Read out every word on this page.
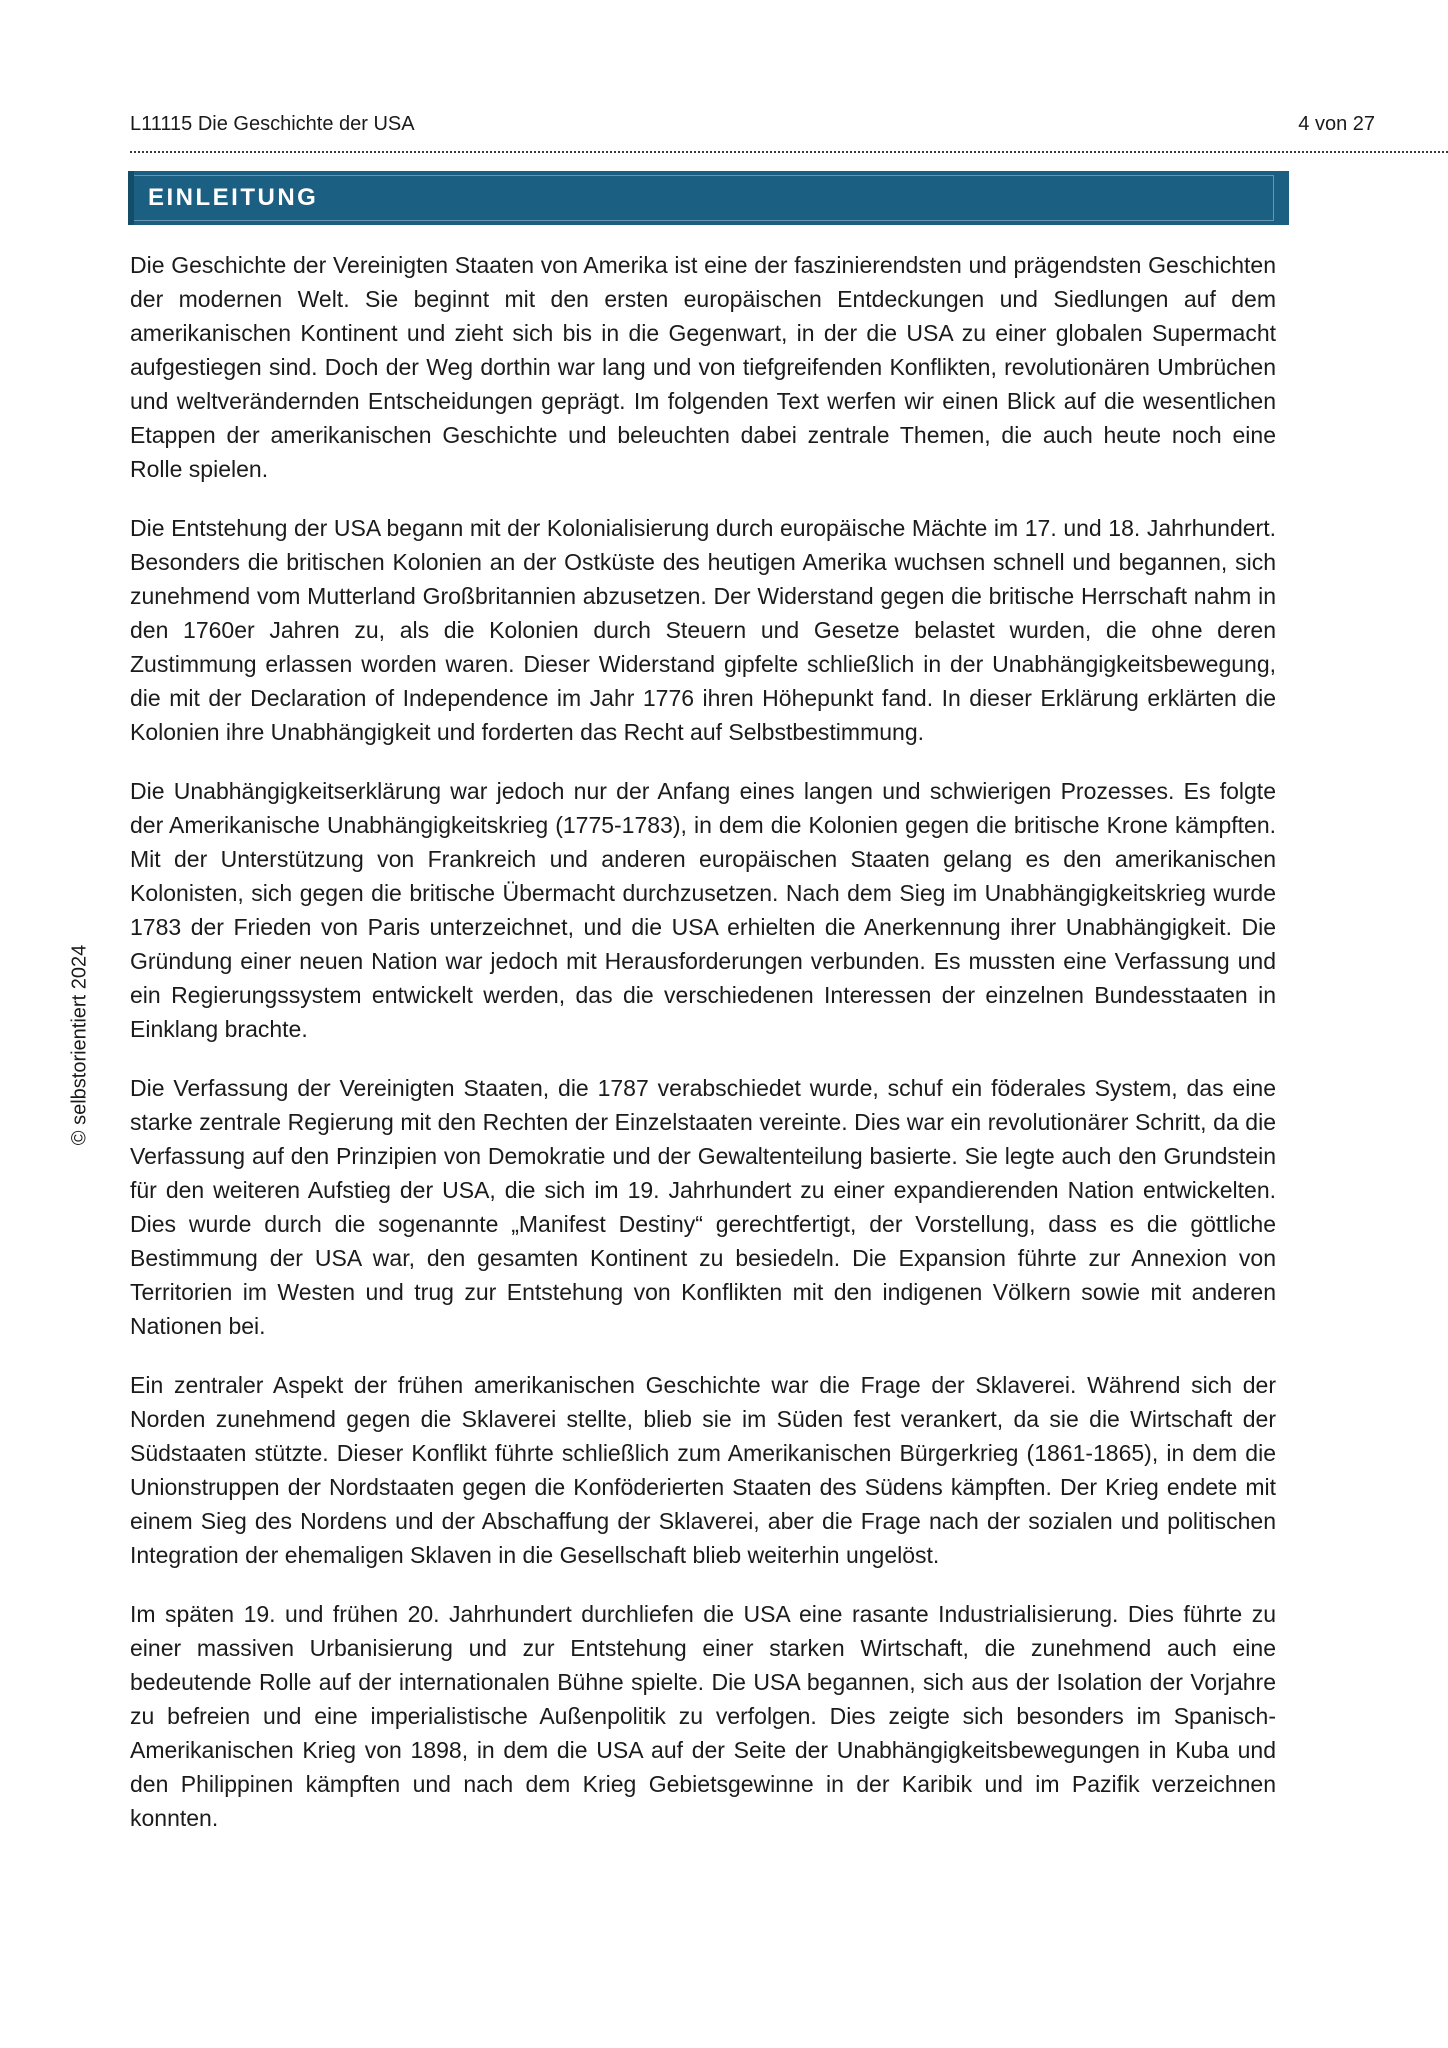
L11115 Die Geschichte der USA	4 von 27
EINLEITUNG
© selbstorientiert 2024

Die Geschichte der Vereinigten Staaten von Amerika ist eine der faszinierendsten und prägendsten Geschichten der modernen Welt. Sie beginnt mit den ersten europäischen Entdeckungen und Siedlungen auf dem amerikanischen Kontinent und zieht sich bis in die Gegenwart, in der die USA zu einer globalen Supermacht aufgestiegen sind. Doch der Weg dorthin war lang und von tiefgreifenden Konflikten, revolutionären Umbrüchen und weltverändernden Entscheidungen geprägt. Im folgenden Text werfen wir einen Blick auf die wesentlichen Etappen der amerikanischen Geschichte und beleuchten dabei zentrale Themen, die auch heute noch eine Rolle spielen.

Die Entstehung der USA begann mit der Kolonialisierung durch europäische Mächte im 17. und 18. Jahrhundert. Besonders die britischen Kolonien an der Ostküste des heutigen Amerika wuchsen schnell und begannen, sich zunehmend vom Mutterland Großbritannien abzusetzen. Der Widerstand gegen die britische Herrschaft nahm in den 1760er Jahren zu, als die Kolonien durch Steuern und Gesetze belastet wurden, die ohne deren Zustimmung erlassen worden waren. Dieser Widerstand gipfelte schließlich in der Unabhängigkeitsbewegung, die mit der Declaration of Independence im Jahr 1776 ihren Höhepunkt fand. In dieser Erklärung erklärten die Kolonien ihre Unabhängigkeit und forderten das Recht auf Selbstbestimmung.

Die Unabhängigkeitserklärung war jedoch nur der Anfang eines langen und schwierigen Prozesses. Es folgte der Amerikanische Unabhängigkeitskrieg (1775-1783), in dem die Kolonien gegen die britische Krone kämpften. Mit der Unterstützung von Frankreich und anderen europäischen Staaten gelang es den amerikanischen Kolonisten, sich gegen die britische Übermacht durchzusetzen. Nach dem Sieg im Unabhängigkeitskrieg wurde 1783 der Frieden von Paris unterzeichnet, und die USA erhielten die Anerkennung ihrer Unabhängigkeit. Die Gründung einer neuen Nation war jedoch mit Herausforderungen verbunden. Es mussten eine Verfassung und ein Regierungssystem entwickelt werden, das die verschiedenen Interessen der einzelnen Bundesstaaten in Einklang brachte.

Die Verfassung der Vereinigten Staaten, die 1787 verabschiedet wurde, schuf ein föderales System, das eine starke zentrale Regierung mit den Rechten der Einzelstaaten vereinte. Dies war ein revolutionärer Schritt, da die Verfassung auf den Prinzipien von Demokratie und der Gewaltenteilung basierte. Sie legte auch den Grundstein für den weiteren Aufstieg der USA, die sich im 19. Jahrhundert zu einer expandierenden Nation entwickelten. Dies wurde durch die sogenannte „Manifest Destiny“ gerechtfertigt, der Vorstellung, dass es die göttliche Bestimmung der USA war, den gesamten Kontinent zu besiedeln. Die Expansion führte zur Annexion von Territorien im Westen und trug zur Entstehung von Konflikten mit den indigenen Völkern sowie mit anderen Nationen bei.

Ein zentraler Aspekt der frühen amerikanischen Geschichte war die Frage der Sklaverei. Während sich der Norden zunehmend gegen die Sklaverei stellte, blieb sie im Süden fest verankert, da sie die Wirtschaft der Südstaaten stützte. Dieser Konflikt führte schließlich zum Amerikanischen Bürgerkrieg (1861-1865), in dem die Unionstruppen der Nordstaaten gegen die Konföderierten Staaten des Südens kämpften. Der Krieg endete mit einem Sieg des Nordens und der Abschaffung der Sklaverei, aber die Frage nach der sozialen und politischen Integration der ehemaligen Sklaven in die Gesellschaft blieb weiterhin ungelöst.

Im späten 19. und frühen 20. Jahrhundert durchliefen die USA eine rasante Industrialisierung. Dies führte zu einer massiven Urbanisierung und zur Entstehung einer starken Wirtschaft, die zunehmend auch eine bedeutende Rolle auf der internationalen Bühne spielte. Die USA begannen, sich aus der Isolation der Vorjahre zu befreien und eine imperialistische Außenpolitik zu verfolgen. Dies zeigte sich besonders im Spanisch-Amerikanischen Krieg von 1898, in dem die USA auf der Seite der Unabhängigkeitsbewegungen in Kuba und den Philippinen kämpften und nach dem Krieg Gebietsgewinne in der Karibik und im Pazifik verzeichnen konnten.
